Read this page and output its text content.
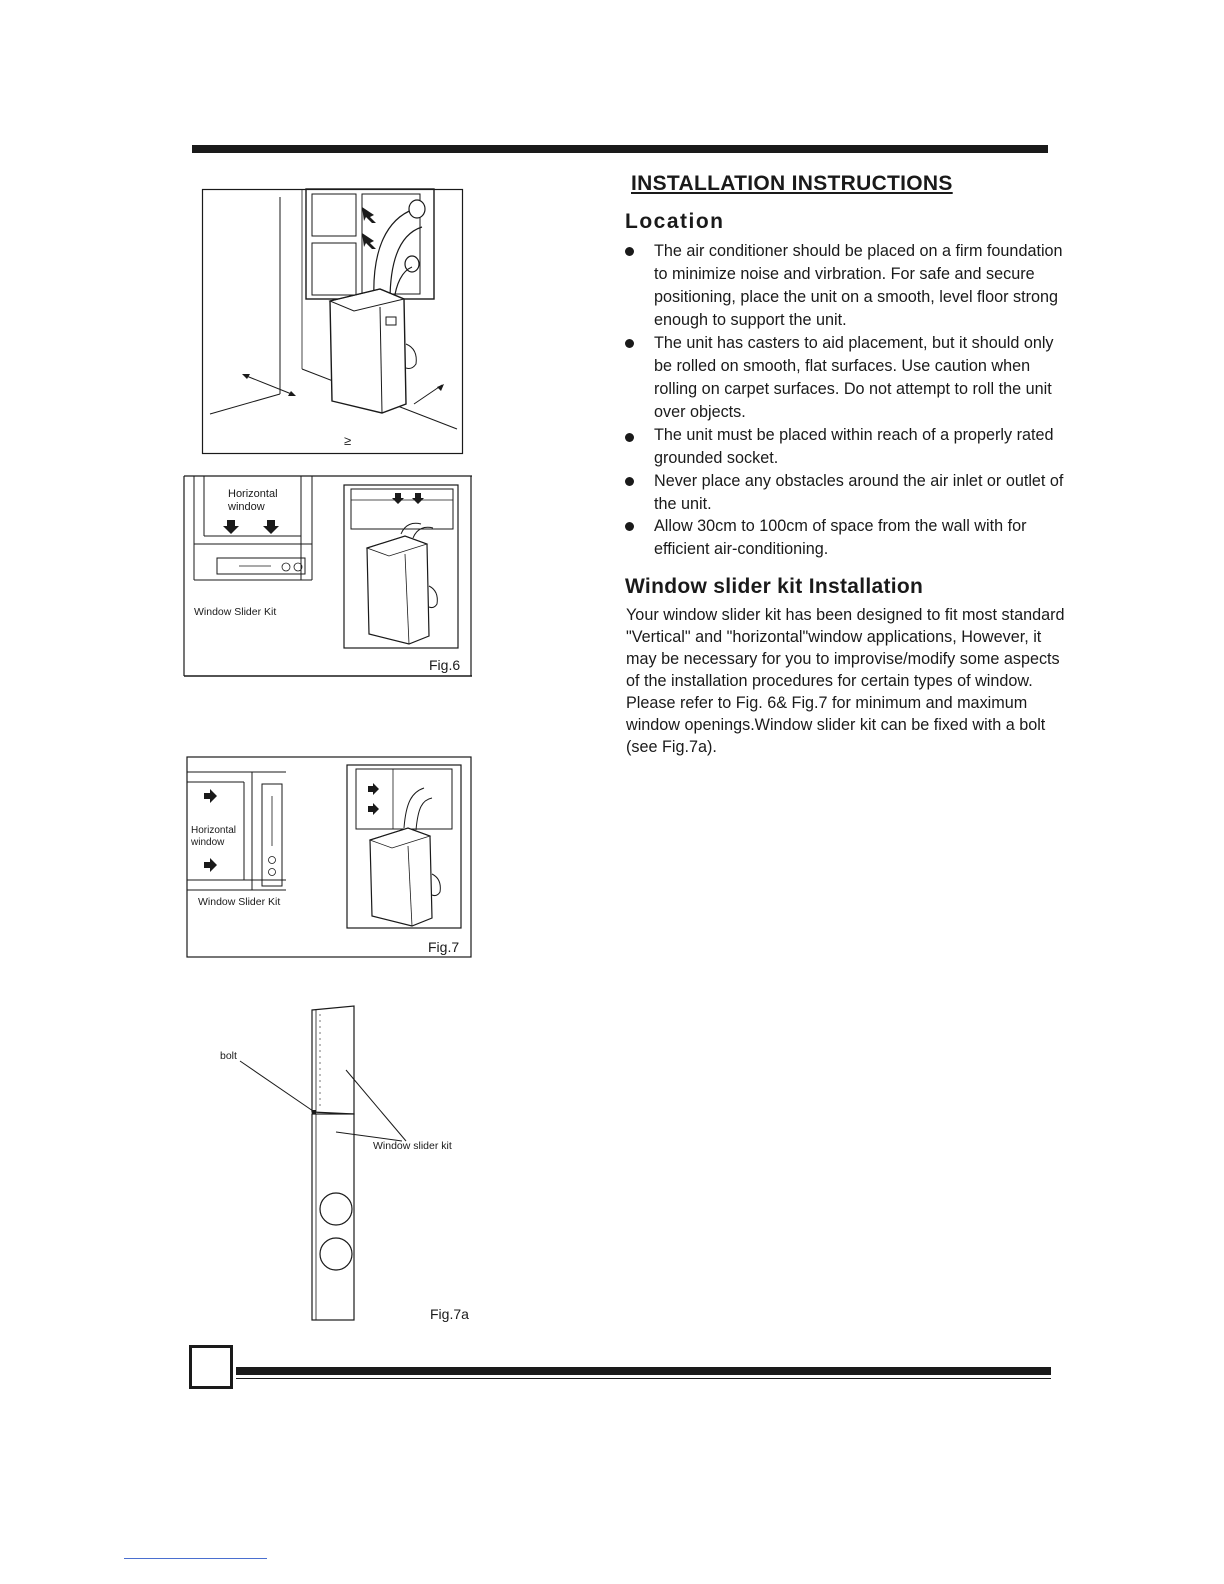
INSTALLATION INSTRUCTIONS
Location
The air conditioner should be placed on a firm foundation to minimize noise and virbration. For safe and secure positioning, place the unit on a smooth, level floor strong enough to support the unit.
The unit has casters to aid placement, but it should only be rolled on smooth, flat surfaces. Use caution when rolling on carpet surfaces. Do not attempt to roll the unit over objects.
The unit must be placed within reach of a properly rated grounded socket.
Never place any obstacles around the air inlet or outlet of the unit.
Allow 30cm to 100cm of space from the wall with for efficient air-conditioning.
Window slider kit Installation
Your window slider kit has been designed to fit most standard "Vertical" and "horizontal"window applications, However, it may be necessary for you to improvise/modify some aspects of the installation procedures for certain types of window. Please refer to Fig. 6& Fig.7 for minimum and maximum window openings.Window slider kit can be fixed with a bolt (see Fig.7a).
≥
Horizontal
window
Window Slider Kit
Fig.6
Horizontal
window
Window Slider Kit
Fig.7
bolt
Window slider kit
Fig.7a
